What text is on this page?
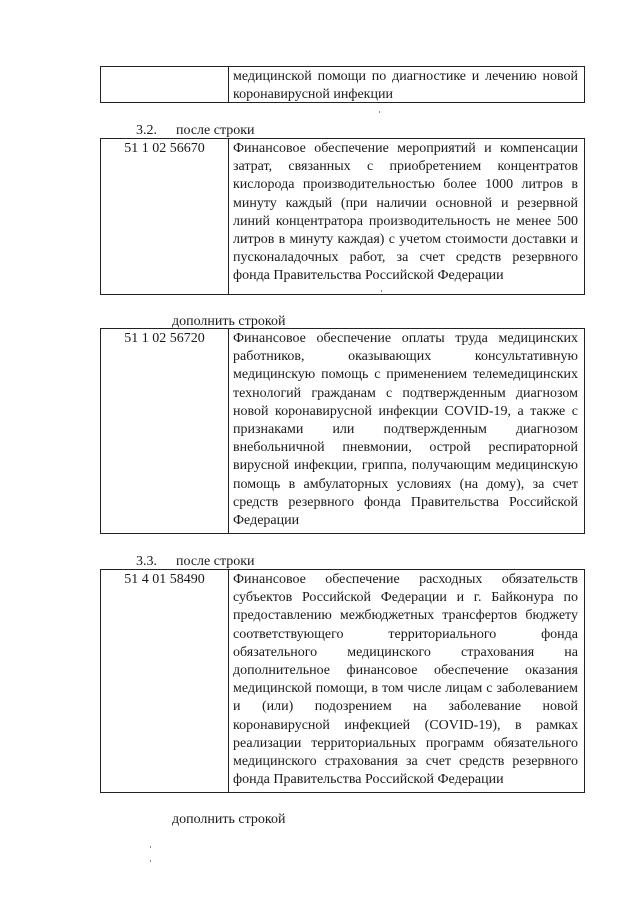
медицинской помощи по диагностике и лечению новой коронавирусной инфекции
3.2. после строки
51 1 02 56670	Финансовое обеспечение мероприятий и компенсации затрат, связанных с приобретением концентратов кислорода производительностью более 1000 литров в минуту каждый (при наличии основной и резервной линий концентратора производительность не менее 500 литров в минуту каждая) с учетом стоимости доставки и пусконаладочных работ, за счет средств резервного фонда Правительства Российской Федерации
дополнить строкой
51 1 02 56720	Финансовое обеспечение оплаты труда медицинских работников, оказывающих консультативную медицинскую помощь с применением телемедицинских технологий гражданам с подтвержденным диагнозом новой коронавирусной инфекции COVID-19, а также с признаками или подтвержденным диагнозом внебольничной пневмонии, острой респираторной вирусной инфекции, гриппа, получающим медицинскую помощь в амбулаторных условиях (на дому), за счет средств резервного фонда Правительства Российской Федерации
3.3. после строки
51 4 01 58490	Финансовое обеспечение расходных обязательств субъектов Российской Федерации и г. Байконура по предоставлению межбюджетных трансфертов бюджету соответствующего территориального фонда обязательного медицинского страхования на дополнительное финансовое обеспечение оказания медицинской помощи, в том числе лицам с заболеванием и (или) подозрением на заболевание новой коронавирусной инфекцией (COVID-19), в рамках реализации территориальных программ обязательного медицинского страхования за счет средств резервного фонда Правительства Российской Федерации
дополнить строкой
